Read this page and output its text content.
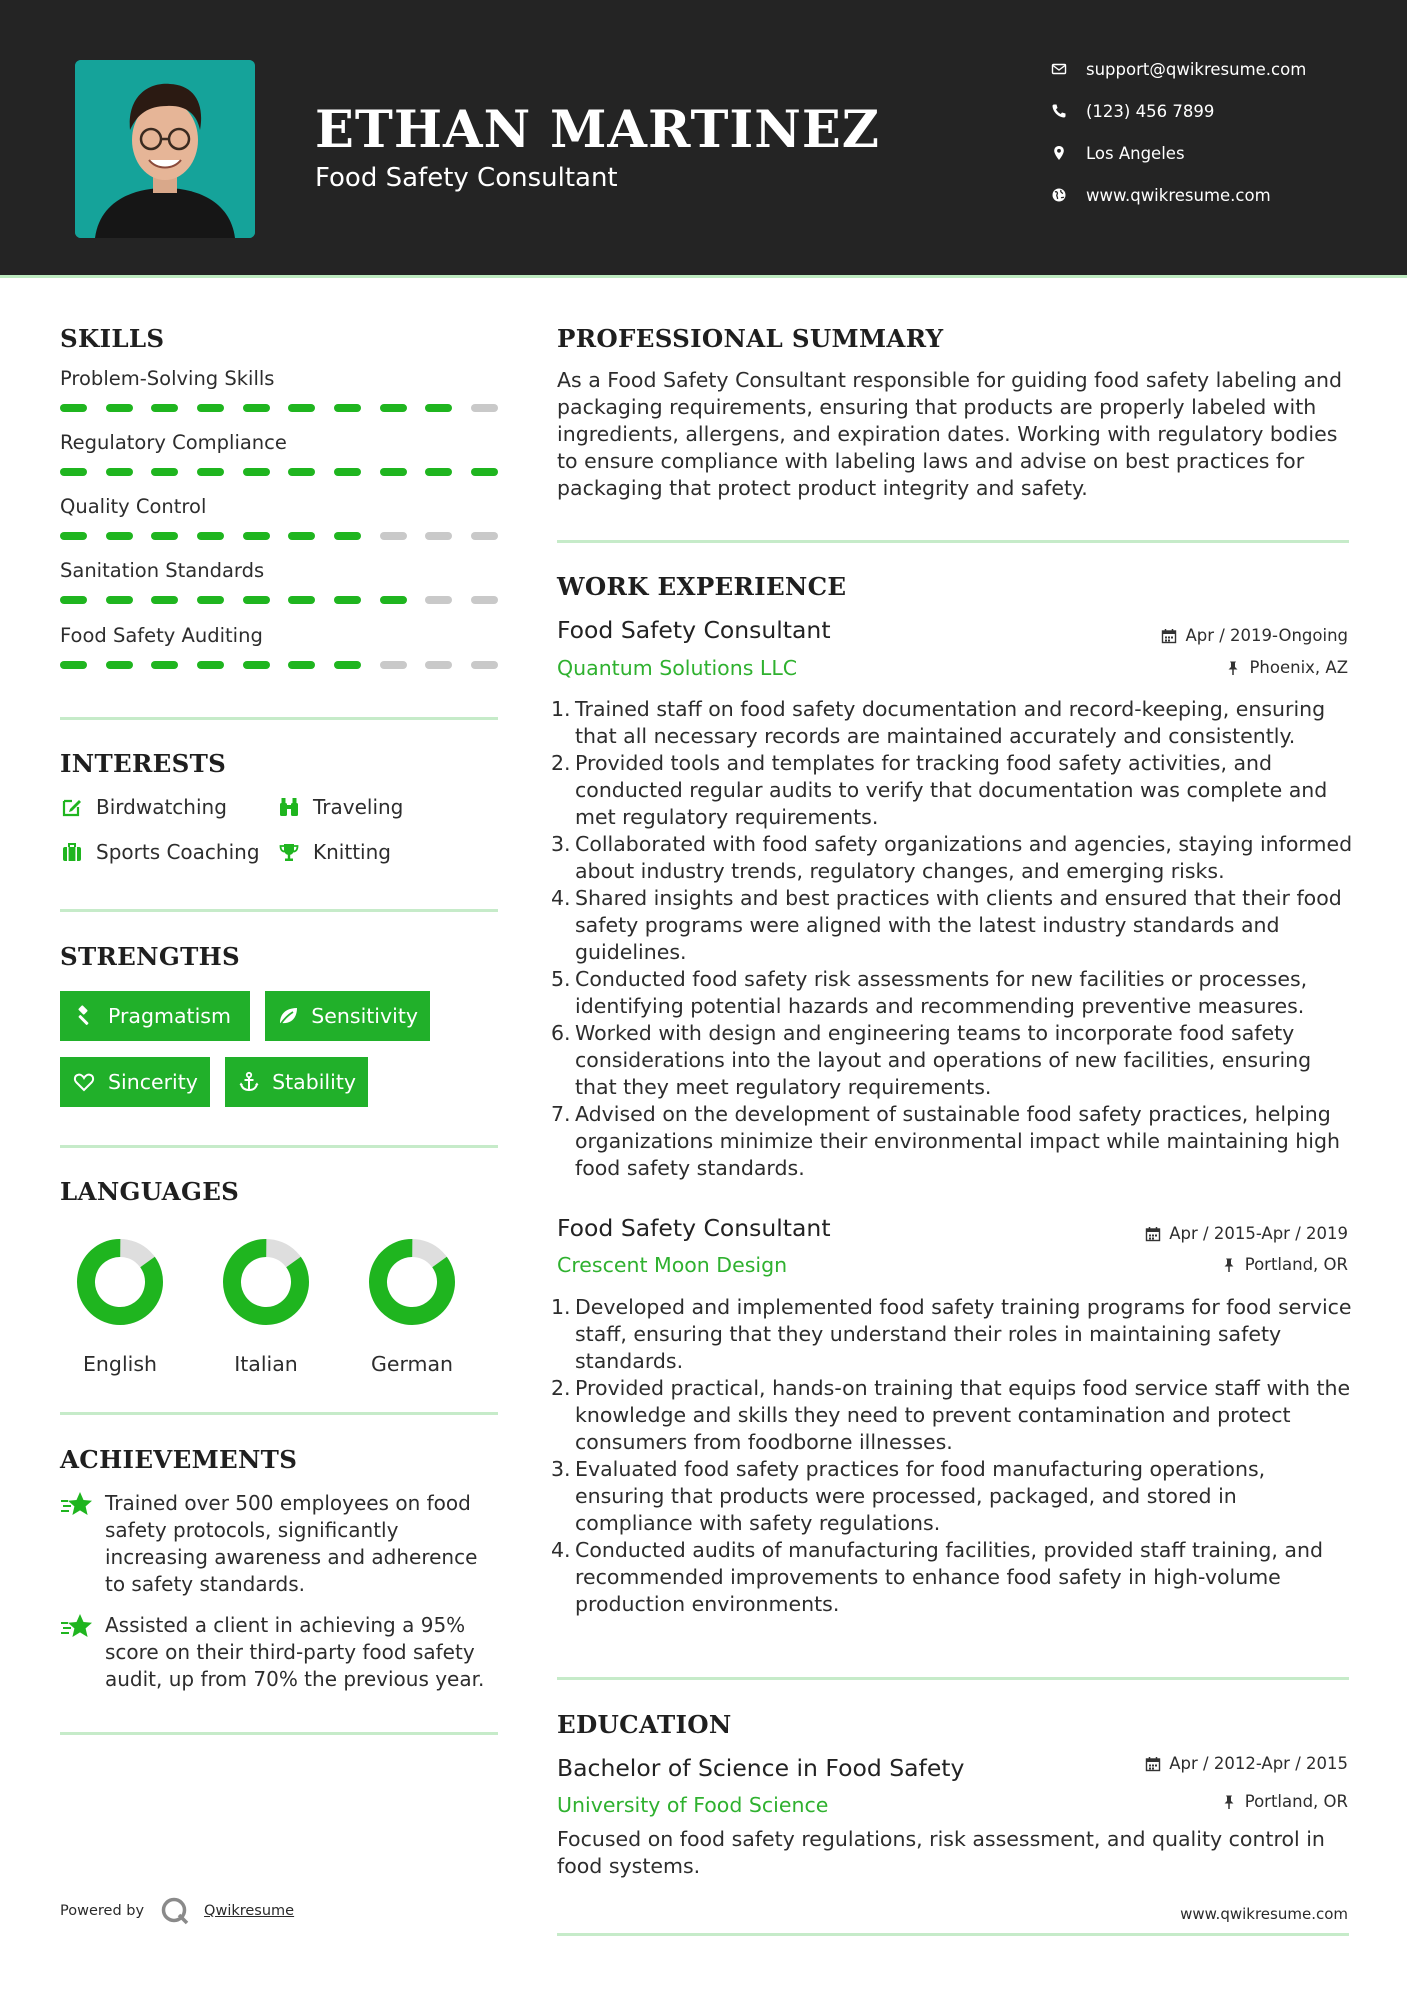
ETHAN MARTINEZ
Food Safety Consultant
support@qwikresume.com
(123) 456 7899
Los Angeles
www.qwikresume.com
SKILLS
Problem-Solving Skills
Regulatory Compliance
Quality Control
Sanitation Standards
Food Safety Auditing
INTERESTS
Birdwatching	Traveling
Sports Coaching	Knitting
STRENGTHS
Pragmatism	Sensitivity
Sincerity	Stability
LANGUAGES
English	Italian	German
ACHIEVEMENTS
Trained over 500 employees on food safety protocols, significantly increasing awareness and adherence to safety standards.
Assisted a client in achieving a 95% score on their third-party food safety audit, up from 70% the previous year.
Powered by	Qwikresume
PROFESSIONAL SUMMARY
As a Food Safety Consultant responsible for guiding food safety labeling and packaging requirements, ensuring that products are properly labeled with ingredients, allergens, and expiration dates. Working with regulatory bodies to ensure compliance with labeling laws and advise on best practices for packaging that protect product integrity and safety.
WORK EXPERIENCE
Food Safety Consultant
Quantum Solutions LLC
Apr / 2019-Ongoing
Phoenix, AZ
1. Trained staff on food safety documentation and record-keeping, ensuring that all necessary records are maintained accurately and consistently.
2. Provided tools and templates for tracking food safety activities, and conducted regular audits to verify that documentation was complete and met regulatory requirements.
3. Collaborated with food safety organizations and agencies, staying informed about industry trends, regulatory changes, and emerging risks.
4. Shared insights and best practices with clients and ensured that their food safety programs were aligned with the latest industry standards and guidelines.
5. Conducted food safety risk assessments for new facilities or processes, identifying potential hazards and recommending preventive measures.
6. Worked with design and engineering teams to incorporate food safety considerations into the layout and operations of new facilities, ensuring that they meet regulatory requirements.
7. Advised on the development of sustainable food safety practices, helping organizations minimize their environmental impact while maintaining high food safety standards.
Food Safety Consultant
Crescent Moon Design
Apr / 2015-Apr / 2019
Portland, OR
1. Developed and implemented food safety training programs for food service staff, ensuring that they understand their roles in maintaining safety standards.
2. Provided practical, hands-on training that equips food service staff with the knowledge and skills they need to prevent contamination and protect consumers from foodborne illnesses.
3. Evaluated food safety practices for food manufacturing operations, ensuring that products were processed, packaged, and stored in compliance with safety regulations.
4. Conducted audits of manufacturing facilities, provided staff training, and recommended improvements to enhance food safety in high-volume production environments.
EDUCATION
Bachelor of Science in Food Safety
University of Food Science
Apr / 2012-Apr / 2015
Portland, OR
Focused on food safety regulations, risk assessment, and quality control in food systems.
www.qwikresume.com
